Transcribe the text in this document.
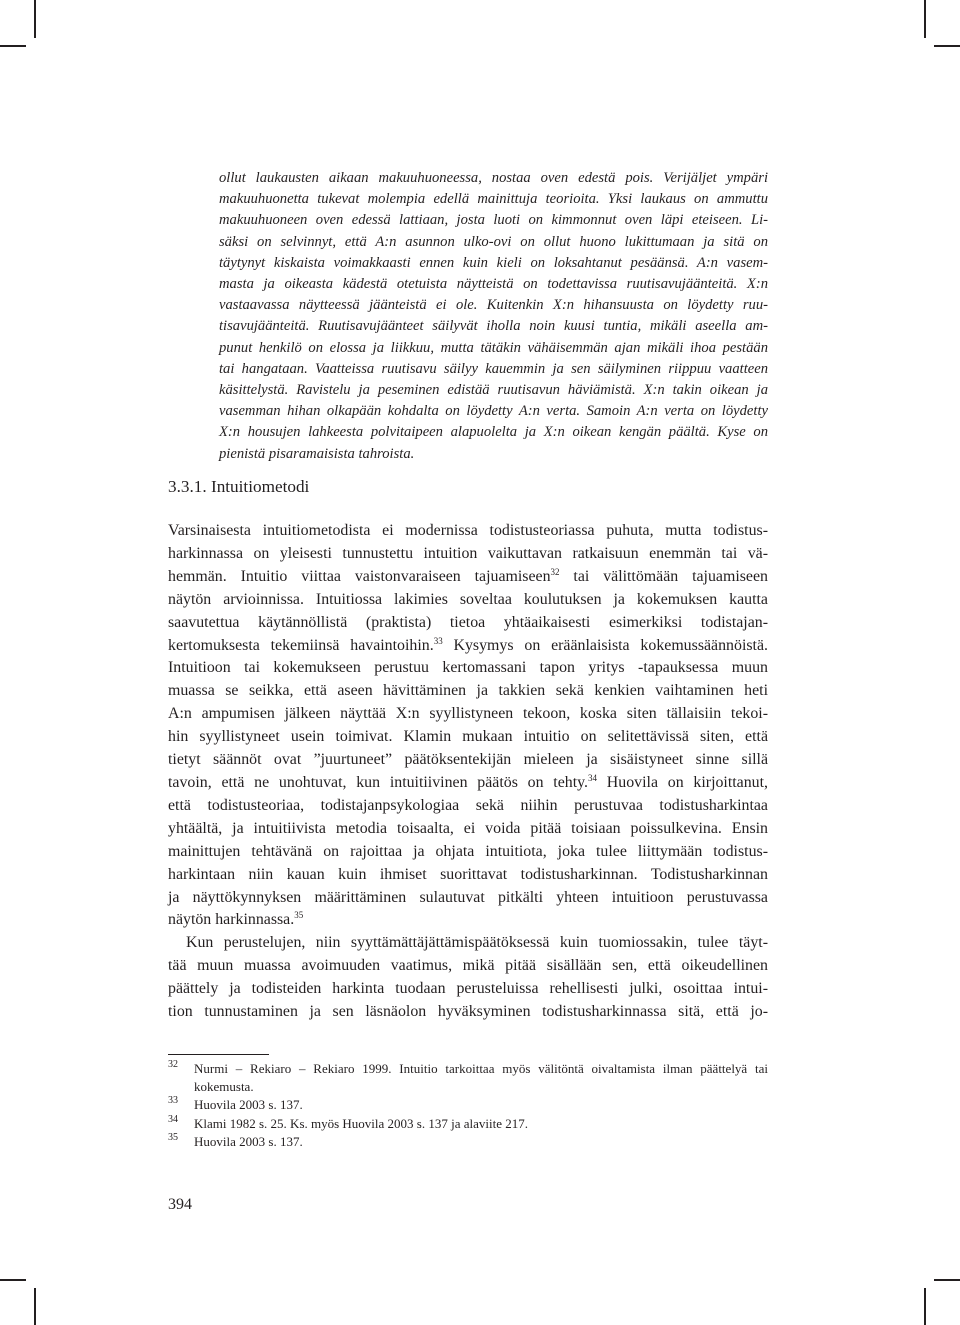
ollut laukausten aikaan makuuhuoneessa, nostaa oven edestä pois. Verijäljet ympäri
makuuhuonetta tukevat molempia edellä mainittuja teorioita. Yksi laukaus on ammuttu
makuuhuoneen oven edessä lattiaan, josta luoti on kimmonnut oven läpi eteiseen. Li-
säksi on selvinnyt, että A:n asunnon ulko-ovi on ollut huono lukittumaan ja sitä on
täytynyt kiskaista voimakkaasti ennen kuin kieli on loksahtanut pesäänsä. A:n vasem-
masta ja oikeasta kädestä otetuista näytteistä on todettavissa ruutisavujäänteitä. X:n
vastaavassa näytteessä jäänteistä ei ole. Kuitenkin X:n hihansuusta on löydetty ruu-
tisavujäänteitä. Ruutisavujäänteet säilyvät iholla noin kuusi tuntia, mikäli aseella am-
punut henkilö on elossa ja liikkuu, mutta tätäkin vähäisemmän ajan mikäli ihoa pestään
tai hangataan. Vaatteissa ruutisavu säilyy kauemmin ja sen säilyminen riippuu vaatteen
käsittelystä. Ravistelu ja peseminen edistää ruutisavun häviämistä. X:n takin oikean ja
vasemman hihan olkapään kohdalta on löydetty A:n verta. Samoin A:n verta on löydetty
X:n housujen lahkeesta polvitaipeen alapuolelta ja X:n oikean kengän päältä. Kyse on
pienistä pisaramaisista tahroista.
3.3.1. Intuitiometodi
Varsinaisesta intuitiometodista ei modernissa todistusteoriassa puhuta, mutta todistus-
harkinnassa on yleisesti tunnustettu intuition vaikuttavan ratkaisuun enemmän tai vä-
hemmän. Intuitio viittaa vaistonvaraiseen tajuamiseen$^{32}$ tai välittömään tajuamiseen
näytön arvioinnissa. Intuitiossa lakimies soveltaa koulutuksen ja kokemuksen kautta
saavutettua käytännöllistä (praktista) tietoa yhtäaikaisesti esimerkiksi todistajan-
kertomuksesta tekemiinsä havaintoihin.$^{33}$ Kysymys on eräänlaisista kokemussäännöistä.
Intuitioon tai kokemukseen perustuu kertomassani tapon yritys -tapauksessa muun
muassa se seikka, että aseen hävittäminen ja takkien sekä kenkien vaihtaminen heti
A:n ampumisen jälkeen näyttää X:n syyllistyneen tekoon, koska siten tällaisiin tekoi-
hin syyllistyneet usein toimivat. Klamin mukaan intuitio on selitettävissä siten, että
tietyt säännöt ovat ”juurtuneet” päätöksentekijän mieleen ja sisäistyneet sinne sillä
tavoin, että ne unohtuvat, kun intuitiivinen päätös on tehty.$^{34}$ Huovila on kirjoittanut,
että todistusteoriaa, todistajanpsykologiaa sekä niihin perustuvaa todistusharkintaa
yhtäältä, ja intuitiivista metodia toisaalta, ei voida pitää toisiaan poissulkevina. Ensin
mainittujen tehtävänä on rajoittaa ja ohjata intuitiota, joka tulee liittymään todistus-
harkintaan niin kauan kuin ihmiset suorittavat todistusharkinnan. Todistusharkinnan
ja näyttökynnyksen määrittäminen sulautuvat pitkälti yhteen intuitioon perustuvassa
näytön harkinnassa.$^{35}$
Kun perustelujen, niin syyttämättäjättämispäätöksessä kuin tuomiossakin, tulee täyt-
tää muun muassa avoimuuden vaatimus, mikä pitää sisällään sen, että oikeudellinen
päättely ja todisteiden harkinta tuodaan perusteluissa rehellisesti julki, osoittaa intui-
tion tunnustaminen ja sen läsnäolon hyväksyminen todistusharkinnassa sitä, että jo-
32 Nurmi – Rekiaro – Rekiaro 1999. Intuitio tarkoittaa myös välitöntä oivaltamista ilman päättelyä tai
kokemusta.
33 Huovila 2003 s. 137.
34 Klami 1982 s. 25. Ks. myös Huovila 2003 s. 137 ja alaviite 217.
35 Huovila 2003 s. 137.
394
